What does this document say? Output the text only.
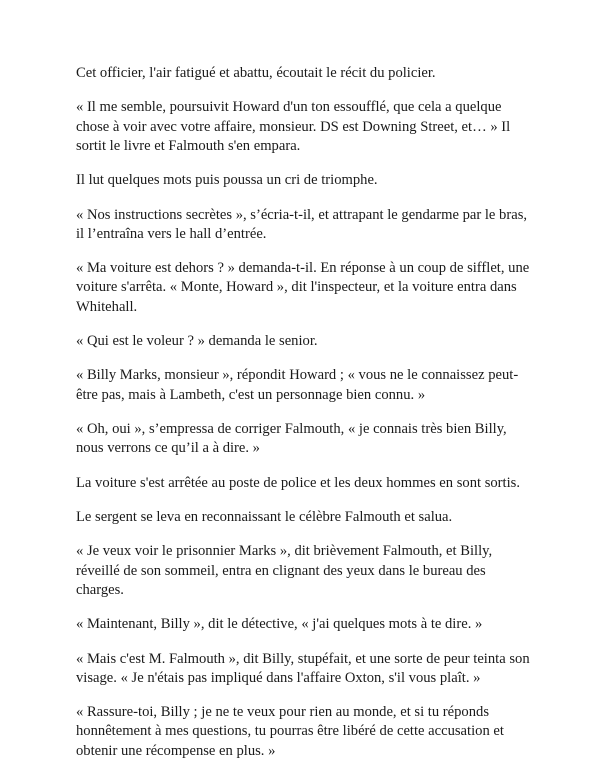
Cet officier, l'air fatigué et abattu, écoutait le récit du policier.

« Il me semble, poursuivit Howard d'un ton essoufflé, que cela a quelque chose à voir avec votre affaire, monsieur. DS est Downing Street, et… » Il sortit le livre et Falmouth s'en empara.

Il lut quelques mots puis poussa un cri de triomphe.

« Nos instructions secrètes », s’écria-t-il, et attrapant le gendarme par le bras, il l’entraîna vers le hall d’entrée.

« Ma voiture est dehors ? » demanda-t-il. En réponse à un coup de sifflet, une voiture s'arrêta. « Monte, Howard », dit l'inspecteur, et la voiture entra dans Whitehall.

« Qui est le voleur ? » demanda le senior.

« Billy Marks, monsieur », répondit Howard ; « vous ne le connaissez peut-être pas, mais à Lambeth, c'est un personnage bien connu. »

« Oh, oui », s’empressa de corriger Falmouth, « je connais très bien Billy, nous verrons ce qu’il a à dire. »

La voiture s'est arrêtée au poste de police et les deux hommes en sont sortis.

Le sergent se leva en reconnaissant le célèbre Falmouth et salua.

« Je veux voir le prisonnier Marks », dit brièvement Falmouth, et Billy, réveillé de son sommeil, entra en clignant des yeux dans le bureau des charges.

« Maintenant, Billy », dit le détective, « j'ai quelques mots à te dire. »

« Mais c'est M. Falmouth », dit Billy, stupéfait, et une sorte de peur teinta son visage. « Je n'étais pas impliqué dans l'affaire Oxton, s'il vous plaît. »

« Rassure-toi, Billy ; je ne te veux pour rien au monde, et si tu réponds honnêtement à mes questions, tu pourras être libéré de cette accusation et obtenir une récompense en plus. »
